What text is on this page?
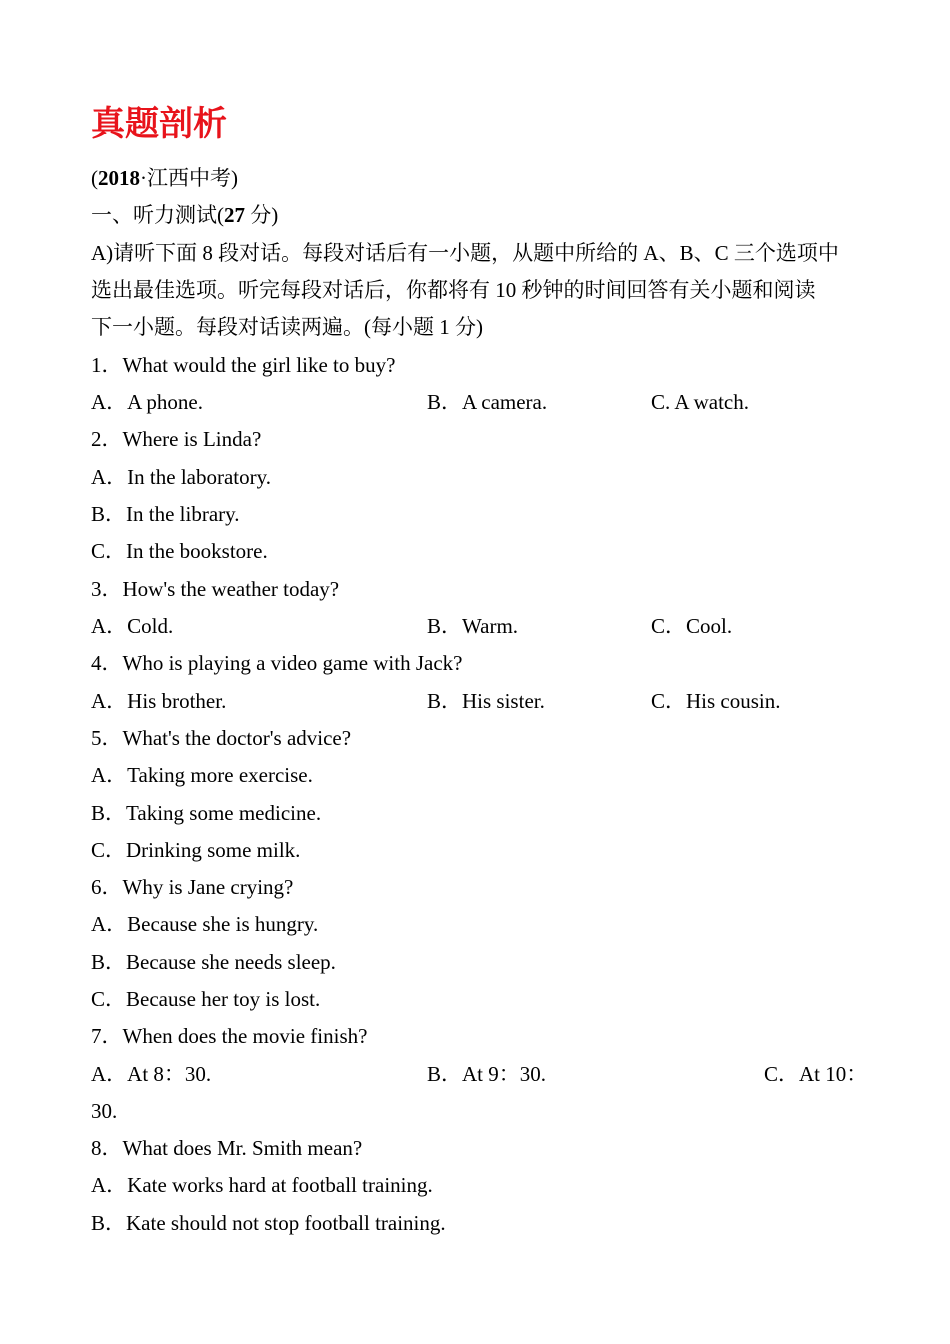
真题剖析
(2018·江西中考)
一、听力测试(27 分)
A)请听下面 8 段对话。每段对话后有一小题，从题中所给的 A、B、C 三个选项中
选出最佳选项。听完每段对话后，你都将有 10 秒钟的时间回答有关小题和阅读
下一小题。每段对话读两遍。(每小题 1 分)
1．What would the girl like to buy?
A．A phone.	B．A camera.	C. A watch.
2．Where is Linda?
A．In the laboratory.
B．In the library.
C．In the bookstore.
3．How's the weather today?
A．Cold.	B．Warm.	C．Cool.
4．Who is playing a video game with Jack?
A．His brother.	B．His sister.	C．His cousin.
5．What's the doctor's advice?
A．Taking more exercise.
B．Taking some medicine.
C．Drinking some milk.
6．Why is Jane crying?
A．Because she is hungry.
B．Because she needs sleep.
C．Because her toy is lost.
7．When does the movie finish?
A．At 8：30.	B．At 9：30.	C．At 10：
30.
8．What does Mr. Smith mean?
A．Kate works hard at football training.
B．Kate should not stop football training.
